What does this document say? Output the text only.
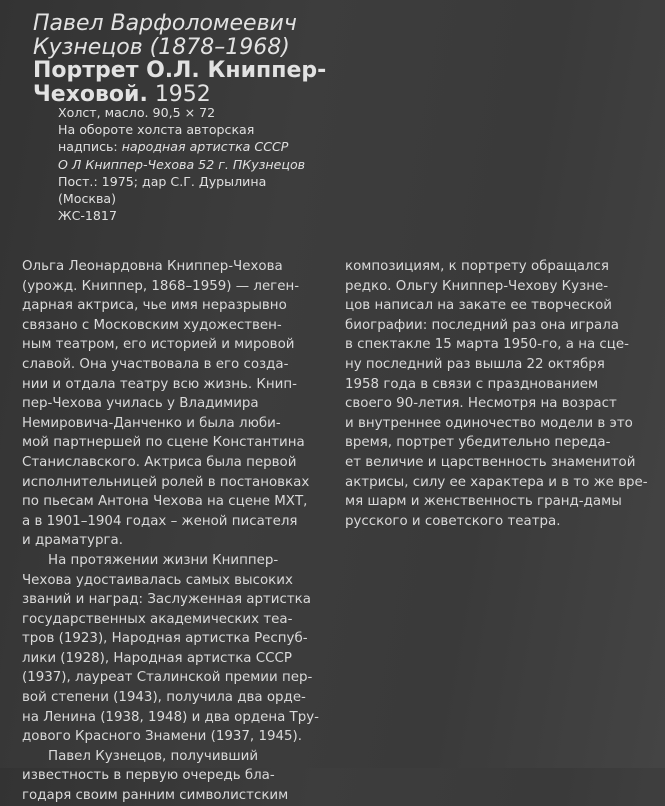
Павел Варфоломеевич
Кузнецов (1878–1968)
Портрет О.Л. Книппер-
Чеховой. 1952
Холст, масло. 90,5 × 72
На обороте холста авторская
надпись: народная артистка СССР
О Л Книппер-Чехова 52 г. ПКузнецов
Пост.: 1975; дар С.Г. Дурылина
(Москва)
ЖС-1817
Ольга Леонардовна Книппер-Чехова
(урожд. Книппер, 1868–1959) — леген-
дарная актриса, чье имя неразрывно
связано с Московским художествен-
ным театром, его историей и мировой
славой. Она участвовала в его созда-
нии и отдала театру всю жизнь. Книп-
пер-Чехова училась у Владимира
Немировича-Данченко и была люби-
мой партнершей по сцене Константина
Станиславского. Актриса была первой
исполнительницей ролей в постановках
по пьесам Антона Чехова на сцене МХТ,
а в 1901–1904 годах – женой писателя
и драматурга.
На протяжении жизни Книппер-
Чехова удостаивалась самых высоких
званий и наград: Заслуженная артистка
государственных академических теа-
тров (1923), Народная артистка Респуб-
лики (1928), Народная артистка СССР
(1937), лауреат Сталинской премии пер-
вой степени (1943), получила два орде-
на Ленина (1938, 1948) и два ордена Тру-
дового Красного Знамени (1937, 1945).
Павел Кузнецов, получивший
известность в первую очередь бла-
годаря своим ранним символистским
композициям, к портрету обращался
редко. Ольгу Книппер-Чехову Кузне-
цов написал на закате ее творческой
биографии: последний раз она играла
в спектакле 15 марта 1950-го, а на сце-
ну последний раз вышла 22 октября
1958 года в связи с празднованием
своего 90-летия. Несмотря на возраст
и внутреннее одиночество модели в это
время, портрет убедительно переда-
ет величие и царственность знаменитой
актрисы, силу ее характера и в то же вре-
мя шарм и женственность гранд-дамы
русского и советского театра.
